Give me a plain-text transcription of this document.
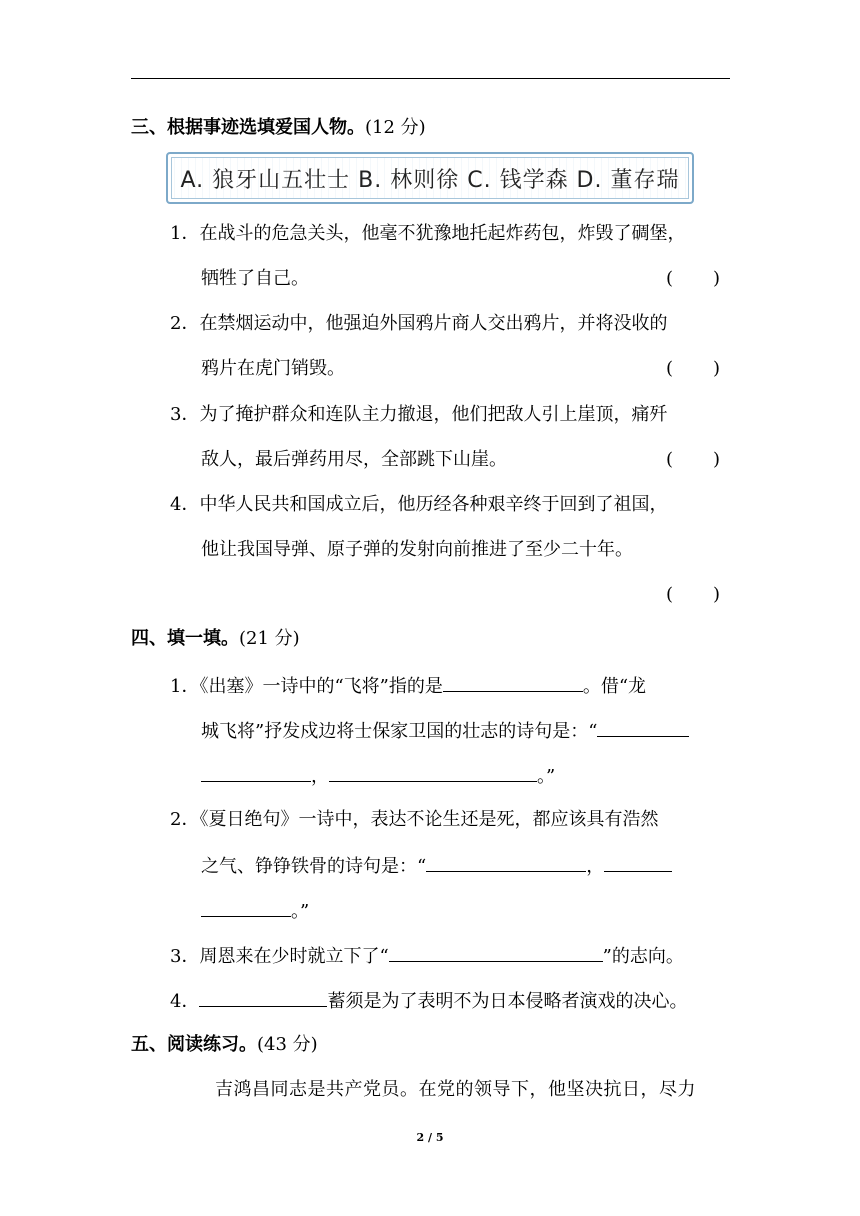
三、根据事迹选填爱国人物。(12 分)
A. 狼牙山五壮士 B. 林则徐 C. 钱学森 D. 董存瑞
1．在战斗的危急关头，他毫不犹豫地托起炸药包，炸毁了碉堡，
牺牲了自己。	( )
2．在禁烟运动中，他强迫外国鸦片商人交出鸦片，并将没收的
鸦片在虎门销毁。	( )
3．为了掩护群众和连队主力撤退，他们把敌人引上崖顶，痛歼
敌人，最后弹药用尽，全部跳下山崖。	( )
4．中华人民共和国成立后，他历经各种艰辛终于回到了祖国，
他让我国导弹、原子弹的发射向前推进了至少二十年。
( )
四、填一填。(21 分)
1．《出塞》一诗中的“飞将”指的是	。借“龙
城飞将”抒发戍边将士保家卫国的壮志的诗句是：“
，	。”
2．《夏日绝句》一诗中，表达不论生还是死，都应该具有浩然
之气、铮铮铁骨的诗句是：“	，
。”
3．周恩来在少时就立下了“	”的志向。
4．	蓄须是为了表明不为日本侵略者演戏的决心。
五、阅读练习。(43 分)
吉鸿昌同志是共产党员。在党的领导下，他坚决抗日，尽力
2 / 5
